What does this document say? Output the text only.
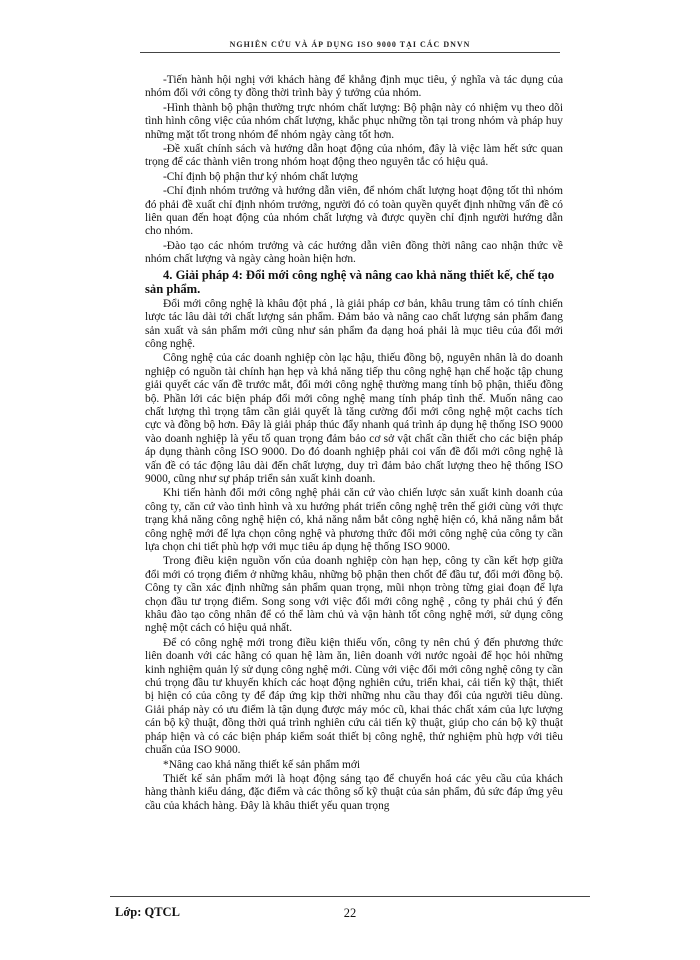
NGHIÊN CỨU VÀ ÁP DỤNG ISO 9000 TẠI CÁC DNVN

-Tiến hành hội nghị với khách hàng để khẳng định mục tiêu, ý nghĩa và tác dụng của nhóm đối với công ty đồng thời trình bày ý tưởng của nhóm.

-Hình thành bộ phận thường trực nhóm chất lượng: Bộ phận này có nhiệm vụ theo dõi tình hình công việc của nhóm chất lượng, khắc phục những tồn tại trong nhóm và pháp huy những mặt tốt trong nhóm để nhóm ngày càng tốt hơn.

-Đề xuất chính sách và hướng dẫn hoạt động của nhóm, đây là việc làm hết sức quan trọng để các thành viên trong nhóm hoạt động theo nguyên tắc có hiệu quả.

-Chỉ định bộ phận thư ký nhóm chất lượng

-Chỉ định nhóm trưởng và hướng dẫn viên, để nhóm chất lượng hoạt động tốt thì nhóm đó phải đề xuất chỉ định nhóm trưởng, người đó có toàn quyền quyết định những vấn đề có liên quan đến hoạt động của nhóm chất lượng và được quyền chỉ định người hướng dẫn cho nhóm.

-Đào tạo các nhóm trưởng và các hướng dẫn viên đồng thời nâng cao nhận thức về nhóm chất lượng và ngày càng hoàn hiện hơn.

4. Giải pháp 4: Đổi mới công nghệ và nâng cao khả năng thiết kế, chế tạo sản phẩm.

Đổi mới công nghệ là khâu đột phá , là giải pháp cơ bản, khâu trung tâm có tính chiến lược tác lâu dài tới chất lượng sản phẩm. Đảm bảo và nâng cao chất lượng sản phẩm đang sản xuất và sản phẩm mới cũng như sản phẩm đa dạng hoá phải là mục tiêu của đổi mới công nghệ.

Công nghệ của các doanh nghiệp còn lạc hậu, thiếu đồng bộ, nguyên nhân là do doanh nghiệp có nguồn tài chính hạn hẹp và khả năng tiếp thu công nghệ hạn chế hoặc tập chung giải quyết các vấn đề trước mắt, đổi mới công nghệ thường mang tính bộ phận, thiếu đồng bộ. Phần lới các biện pháp đổi mới công nghệ mang tính pháp tình thế. Muốn nâng cao chất lượng thì trọng tâm cần giải quyết là tăng cường đổi mới công nghệ một cachs tích cực và đồng bộ hơn. Đây là giải pháp thúc đẩy nhanh quá trình áp dụng hệ thống ISO 9000 vào doanh nghiệp là yếu tố quan trọng đảm bảo cơ sở vật chất cần thiết cho các biện pháp áp dụng thành công ISO 9000. Do đó doanh nghiệp phải coi vấn đề đổi mới công nghệ là vấn đề có tác động lâu dài đến chất lượng, duy trì đảm bảo chất lượng theo hệ thống ISO 9000, cũng như sự pháp triển sản xuất kinh doanh.

Khi tiến hành đổi mới công nghệ phải căn cứ vào chiến lược sản xuất kinh doanh của công ty, căn cứ vào tình hình và xu hướng phát triển công nghệ trên thế giới cùng với thực trạng khả năng công nghệ hiện có, khả năng nắm bắt công nghệ hiện có, khả năng nắm bắt công nghệ mới để lựa chọn công nghệ và phương thức đổi mới công nghệ của công ty cần lựa chọn chi tiết phù hợp với mục tiêu áp dụng hệ thống ISO 9000.

Trong điều kiện nguồn vốn của doanh nghiệp còn hạn hẹp, công ty cần kết hợp giữa đổi mới có trọng điểm ở những khâu, những bộ phận then chốt để đầu tư, đổi mới đồng bộ. Công ty cần xác định những sản phẩm quan trọng, mũi nhọn tròng từng giai đoạn để lựa chọn đầu tư trọng điểm. Song song với việc đổi mới công nghệ , công ty phải chú ý đến khâu đào tạo công nhân để có thể làm chủ và vận hành tốt công nghệ mới, sử dụng công nghệ một cách có hiệu quả nhất.

Để có công nghệ mới trong điều kiện thiếu vốn, công ty nên chú ý đến phương thức liên doanh với các hãng có quan hệ làm ăn, liên doanh với nước ngoài để học hỏi những kinh nghiệm quản lý sử dụng công nghệ mới. Cùng với việc đổi mới công nghệ công ty cần chú trọng đầu tư khuyến khích các hoạt động nghiên cứu, triển khai, cải tiến kỹ thật, thiết bị hiện có của công ty để đáp ứng kịp thời những nhu cầu thay đổi của người tiêu dùng. Giải pháp này có ưu điểm là tận dụng được máy móc cũ, khai thác chất xám của lực lượng cán bộ kỹ thuật, đồng thời quá trình nghiên cứu cải tiến kỹ thuật, giúp cho cán bộ kỹ thuật pháp hiện và có các biện pháp kiểm soát thiết bị công nghệ, thử nghiệm phù hợp với tiêu chuẩn của ISO 9000.

*Nâng cao khả năng thiết kế sản phẩm mới

Thiết kế sản phẩm mới là hoạt động sáng tạo để chuyển hoá các yêu cầu của khách hàng thành kiểu dáng, đặc điểm và các thông số kỹ thuật của sản phẩm, đủ sức đáp ứng yêu cầu của khách hàng. Đây là khâu thiết yếu quan trọng

Lớp: QTCL	22
